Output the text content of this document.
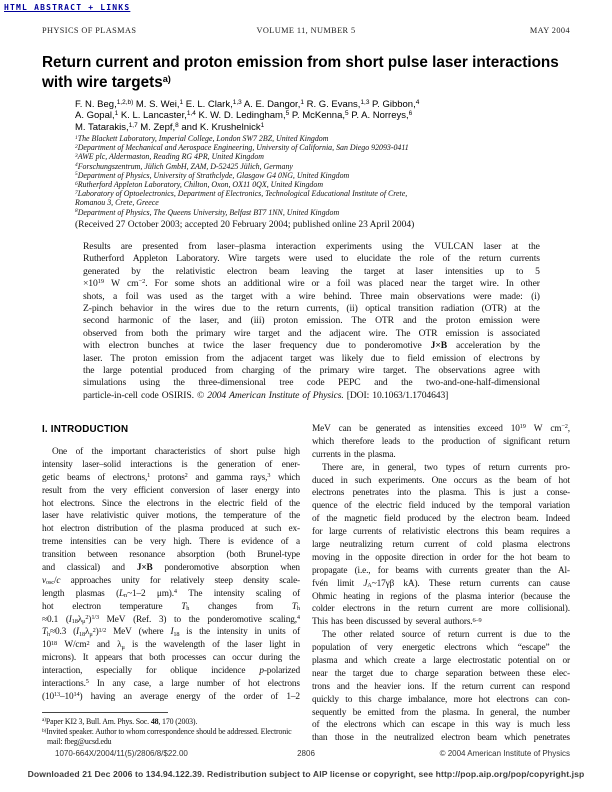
HTML ABSTRACT + LINKS
PHYSICS OF PLASMAS	VOLUME 11, NUMBER 5	MAY 2004
Return current and proton emission from short pulse laser interactions
with wire targets$^{a)}$
F. N. Beg,$^{1,2,b)}$ M. S. Wei,$^1$ E. L. Clark,$^{1,3}$ A. E. Dangor,$^1$ R. G. Evans,$^{1,3}$ P. Gibbon,$^4$
A. Gopal,$^1$ K. L. Lancaster,$^{1,4}$ K. W. D. Ledingham,$^5$ P. McKenna,$^5$ P. A. Norreys,$^6$
M. Tatarakis,$^{1,7}$ M. Zepf,$^8$ and K. Krushelnick$^1$
$^1$The Blackett Laboratory, Imperial College, London SW7 2BZ, United Kingdom
$^2$Department of Mechanical and Aerospace Engineering, University of California, San Diego 92093-0411
$^3$AWE plc, Aldermaston, Reading RG 4PR, United Kingdom
$^4$Forschungszentrum, Jülich GmbH, ZAM, D-52425 Jülich, Germany
$^5$Department of Physics, University of Strathclyde, Glasgow G4 0NG, United Kingdom
$^6$Rutherford Appleton Laboratory, Chilton, Oxon, OX11 0QX, United Kingdom
$^7$Laboratory of Optoelectronics, Department of Electronics, Technological Educational Institute of Crete,
Romanou 3, Crete, Greece
$^8$Department of Physics, The Queens University, Belfast BT7 1NN, United Kingdom
(Received 27 October 2003; accepted 20 February 2004; published online 23 April 2004)
Results are presented from laser–plasma interaction experiments using the VULCAN laser at the
Rutherford Appleton Laboratory. Wire targets were used to elucidate the role of the return currents
generated by the relativistic electron beam leaving the target at laser intensities up to 5
$\times 10^{19}$ W $cm^{-2}$. For some shots an additional wire or a foil was placed near the target wire. In other
shots, a foil was used as the target with a wire behind. Three main observations were made: (i)
Z-pinch behavior in the wires due to the return currents, (ii) optical transition radiation (OTR) at the
second harmonic of the laser, and (iii) proton emission. The OTR and the proton emission were
observed from both the primary wire target and the adjacent wire. The OTR emission is associated
with electron bunches at twice the laser frequency due to ponderomotive J×B acceleration by the
laser. The proton emission from the adjacent target was likely due to field emission of electrons by
the large potential produced from charging of the primary wire target. The observations agree with
simulations using the three-dimensional tree code PEPC and the two-and-one-half-dimensional
particle-in-cell code OSIRIS. © 2004 American Institute of Physics. [DOI: 10.1063/1.1704643]
I. INTRODUCTION
One of the important characteristics of short pulse high
intensity laser–solid interactions is the generation of ener-
getic beams of electrons,$^1$ protons$^2$ and gamma rays,$^3$ which
result from the very efficient conversion of laser energy into
hot electrons. Since the electrons in the electric field of the
laser have relativistic quiver motions, the temperature of the
hot electron distribution of the plasma produced at such ex-
treme intensities can be very high. There is evidence of a
transition between resonance absorption (both Brunel-type
and classical) and J×B ponderomotive absorption when
$v_{osc}/c$ approaches unity for relatively steep density scale-
length plasmas ($L_n\sim 1-2$ μm).$^4$ The intensity scaling of
hot electron temperature $T_h$ changes from $T_h$
≈0.1 $(I_{18}\lambda_\mu^2)^{1/3}$ MeV (Ref. 3) to the ponderomotive scaling,$^4$
$T_h\approx 0.3$ $(I_{18}\lambda_\mu^2)^{1/2}$ MeV (where $I_{18}$ is the intensity in units of
$10^{18}$ $W/cm^2$ and $\lambda_\mu$ is the wavelength of the laser light in
microns). It appears that both processes can occur during the
interaction, especially for oblique incidence p-polarized
interactions.$^5$ In any case, a large number of hot electrons
$(10^{13}-10^{14})$ having an average energy of the order of 1–2
$^{a)}$Paper KI2 3, Bull. Am. Phys. Soc. 48, 170 (2003).
$^{b)}$Invited speaker. Author to whom correspondence should be addressed. Electronic mail: fbeg@ucsd.edu
MeV can be generated as intensities exceed $10^{19}$ W $cm^{-2}$,
which therefore leads to the production of significant return
currents in the plasma.
There are, in general, two types of return currents pro-
duced in such experiments. One occurs as the beam of hot
electrons penetrates into the plasma. This is just a conse-
quence of the electric field induced by the temporal variation
of the magnetic field produced by the electron beam. Indeed
for large currents of relativistic electrons this beam requires a
large neutralizing return current of cold plasma electrons
moving in the opposite direction in order for the hot beam to
propagate (i.e., for beams with currents greater than the Al-
fvén limit $J_A\sim 17\gamma\beta$ kA). These return currents can cause
Ohmic heating in regions of the plasma interior (because the
colder electrons in the return current are more collisional).
This has been discussed by several authors.$^{6-9}$
The other related source of return current is due to the
population of very energetic electrons which “escape” the
plasma and which create a large electrostatic potential on or
near the target due to charge separation between these elec-
trons and the heavier ions. If the return current can respond
quickly to this charge imbalance, more hot electrons can con-
sequently be emitted from the plasma. In general, the number
of the electrons which can escape in this way is much less
than those in the neutralized electron beam which penetrates
1070-664X/2004/11(5)/2806/8/$22.00	2806	© 2004 American Institute of Physics
Downloaded 21 Dec 2006 to 134.94.122.39. Redistribution subject to AIP license or copyright, see http://pop.aip.org/pop/copyright.jsp
